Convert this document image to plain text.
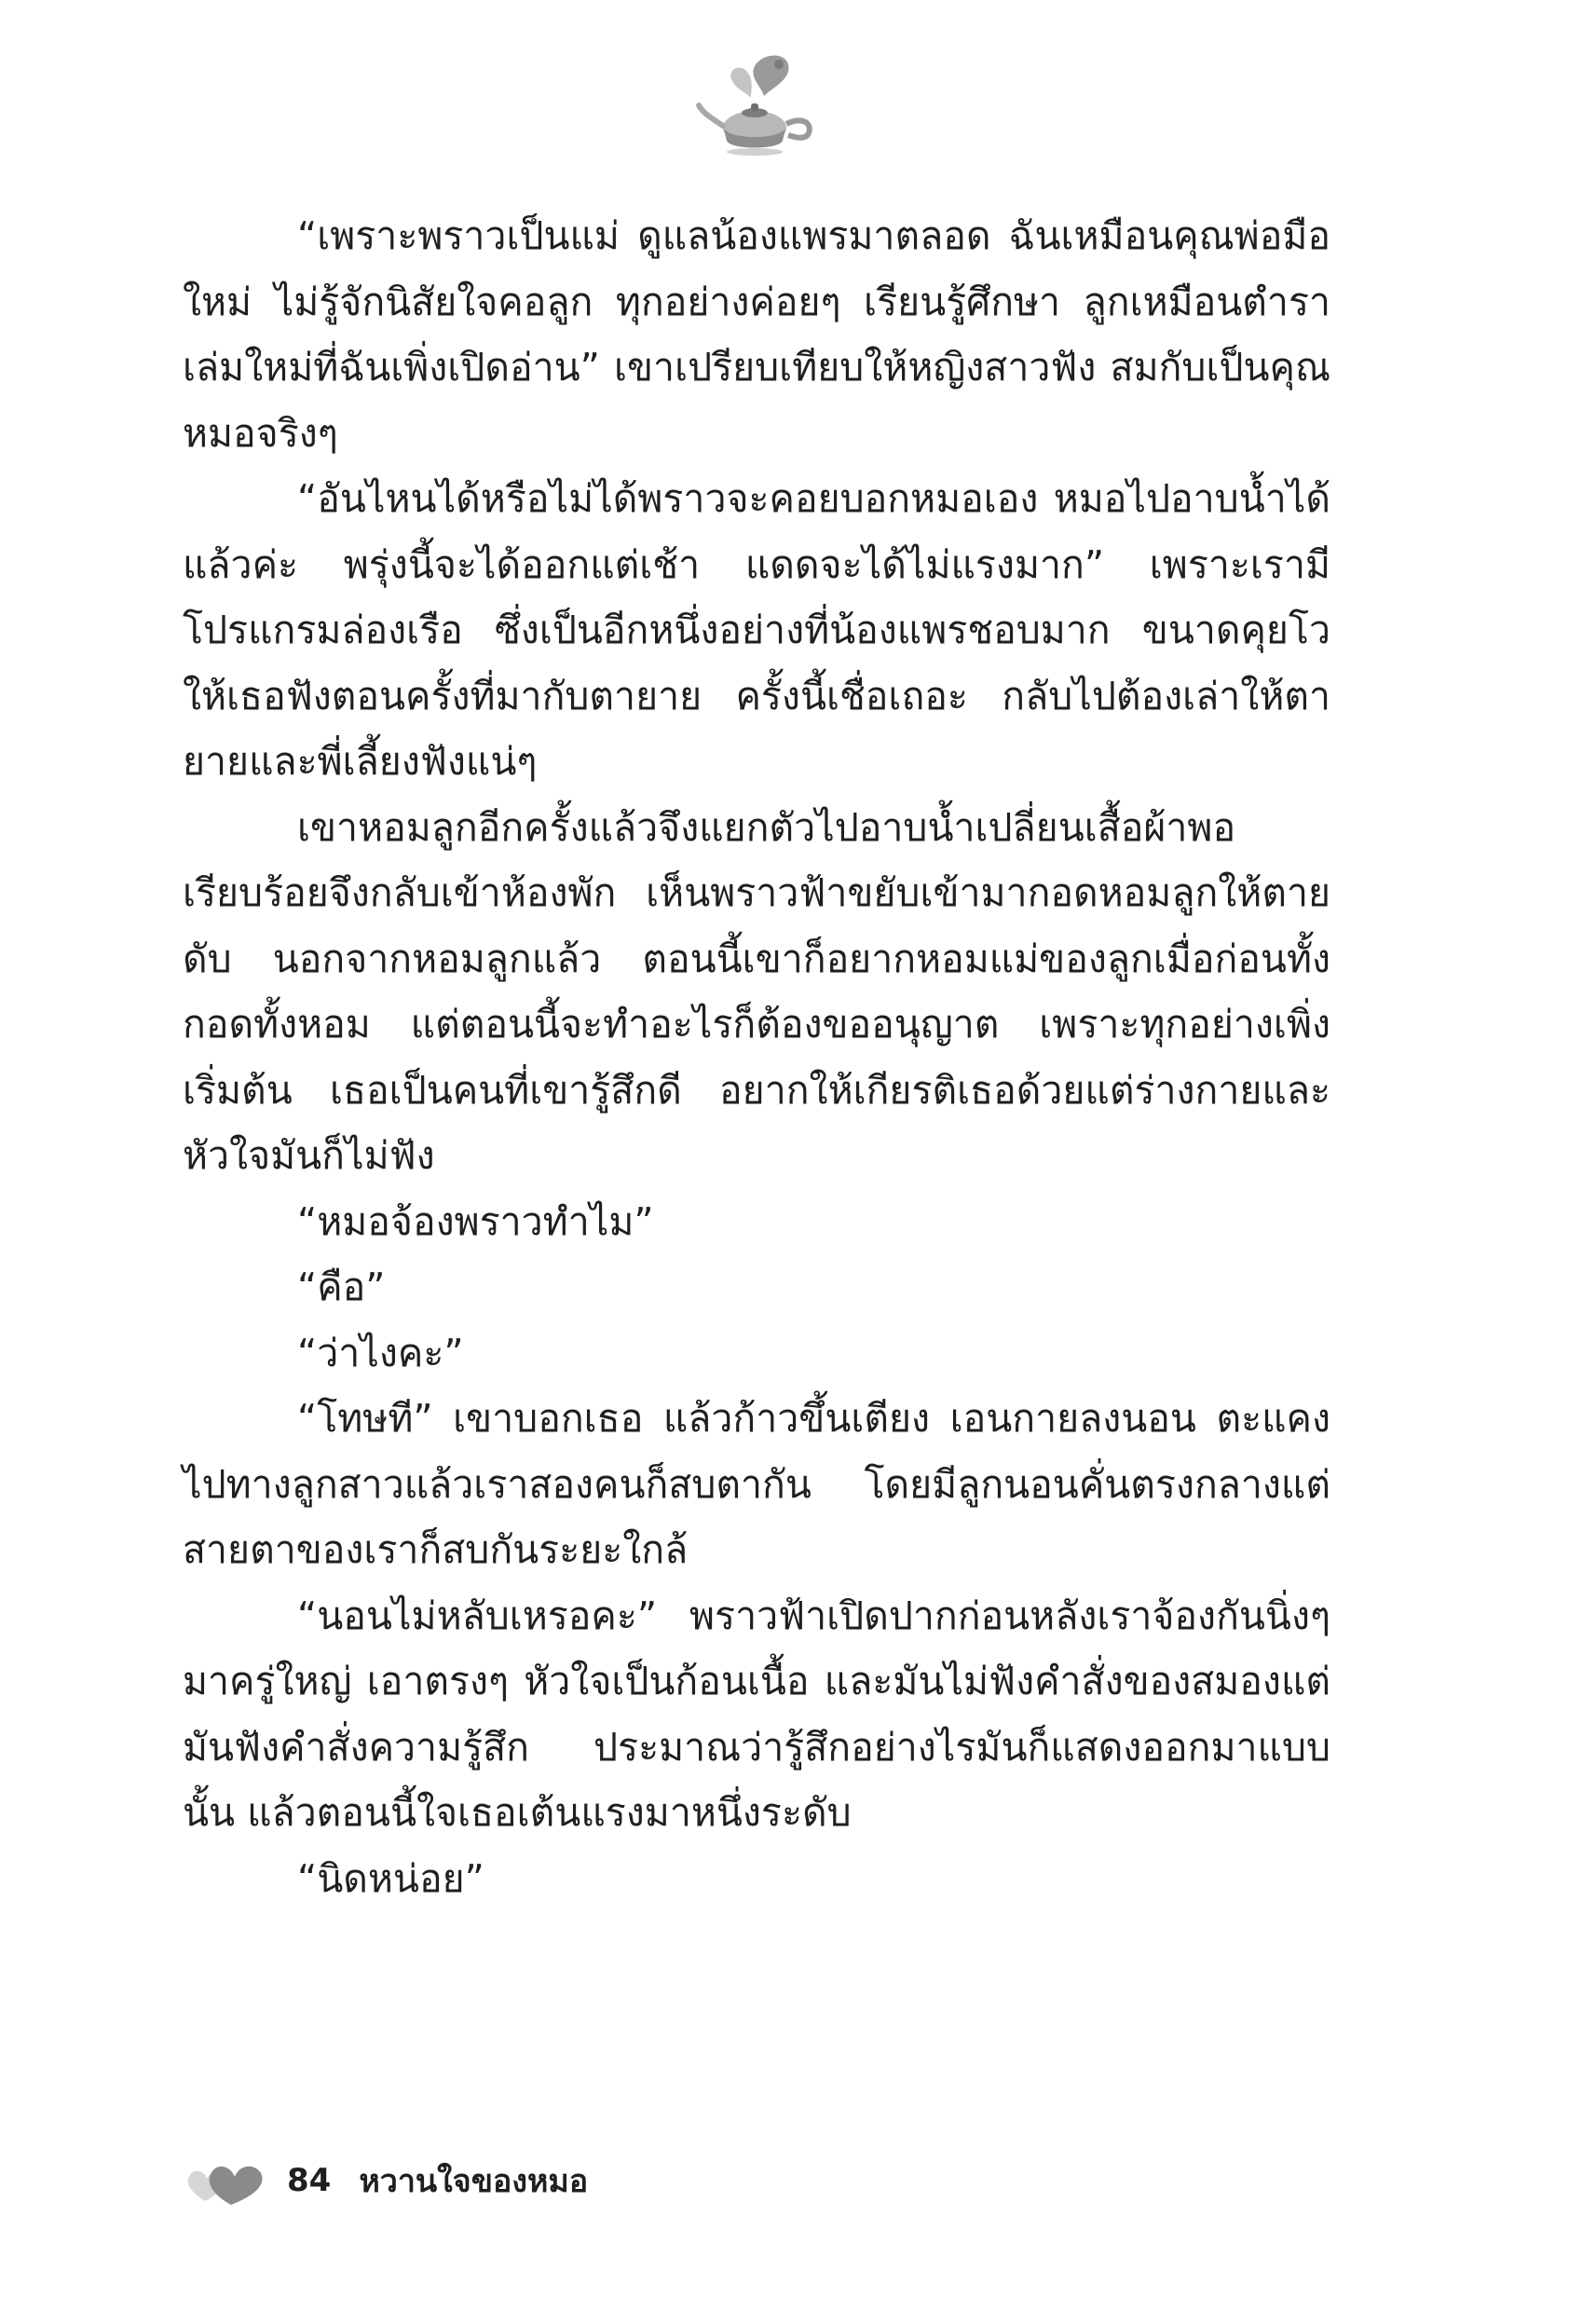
“เพราะพราวเป็นแม่ ดูแลน้องแพรมาตลอด ฉันเหมือนคุณพ่อมือใหม่ ไม่รู้จักนิสัยใจคอลูก ทุกอย่างค่อยๆ เรียนรู้ศึกษา ลูกเหมือนตำราเล่มใหม่ที่ฉันเพิ่งเปิดอ่าน” เขาเปรียบเทียบให้หญิงสาวฟัง สมกับเป็นคุณหมอจริงๆ

“อันไหนได้หรือไม่ได้พราวจะคอยบอกหมอเอง หมอไปอาบน้ำได้แล้วค่ะ พรุ่งนี้จะได้ออกแต่เช้า แดดจะได้ไม่แรงมาก” เพราะเรามีโปรแกรมล่องเรือ ซึ่งเป็นอีกหนึ่งอย่างที่น้องแพรชอบมาก ขนาดคุยโวให้เธอฟังตอนครั้งที่มากับตายาย ครั้งนี้เชื่อเถอะ กลับไปต้องเล่าให้ตายายและพี่เลี้ยงฟังแน่ๆ

เขาหอมลูกอีกครั้งแล้วจึงแยกตัวไปอาบน้ำเปลี่ยนเสื้อผ้าพอเรียบร้อยจึงกลับเข้าห้องพัก เห็นพราวฟ้าขยับเข้ามากอดหอมลูกให้ตายดับ นอกจากหอมลูกแล้ว ตอนนี้เขาก็อยากหอมแม่ของลูกเมื่อก่อนทั้งกอดทั้งหอม แต่ตอนนี้จะทำอะไรก็ต้องขออนุญาต เพราะทุกอย่างเพิ่งเริ่มต้น เธอเป็นคนที่เขารู้สึกดี อยากให้เกียรติเธอด้วยแต่ร่างกายและหัวใจมันก็ไม่ฟัง

“หมอจ้องพราวทำไม”

“คือ”

“ว่าไงคะ”

“โทษที” เขาบอกเธอ แล้วก้าวขึ้นเตียง เอนกายลงนอน ตะแคงไปทางลูกสาวแล้วเราสองคนก็สบตากัน โดยมีลูกนอนคั่นตรงกลางแต่สายตาของเราก็สบกันระยะใกล้

“นอนไม่หลับเหรอคะ” พราวฟ้าเปิดปากก่อนหลังเราจ้องกันนิ่งๆมาครู่ใหญ่ เอาตรงๆ หัวใจเป็นก้อนเนื้อ และมันไม่ฟังคำสั่งของสมองแต่มันฟังคำสั่งความรู้สึก ประมาณว่ารู้สึกอย่างไรมันก็แสดงออกมาแบบนั้น แล้วตอนนี้ใจเธอเต้นแรงมาหนึ่งระดับ

“นิดหน่อย”

84 หวานใจของหมอ
